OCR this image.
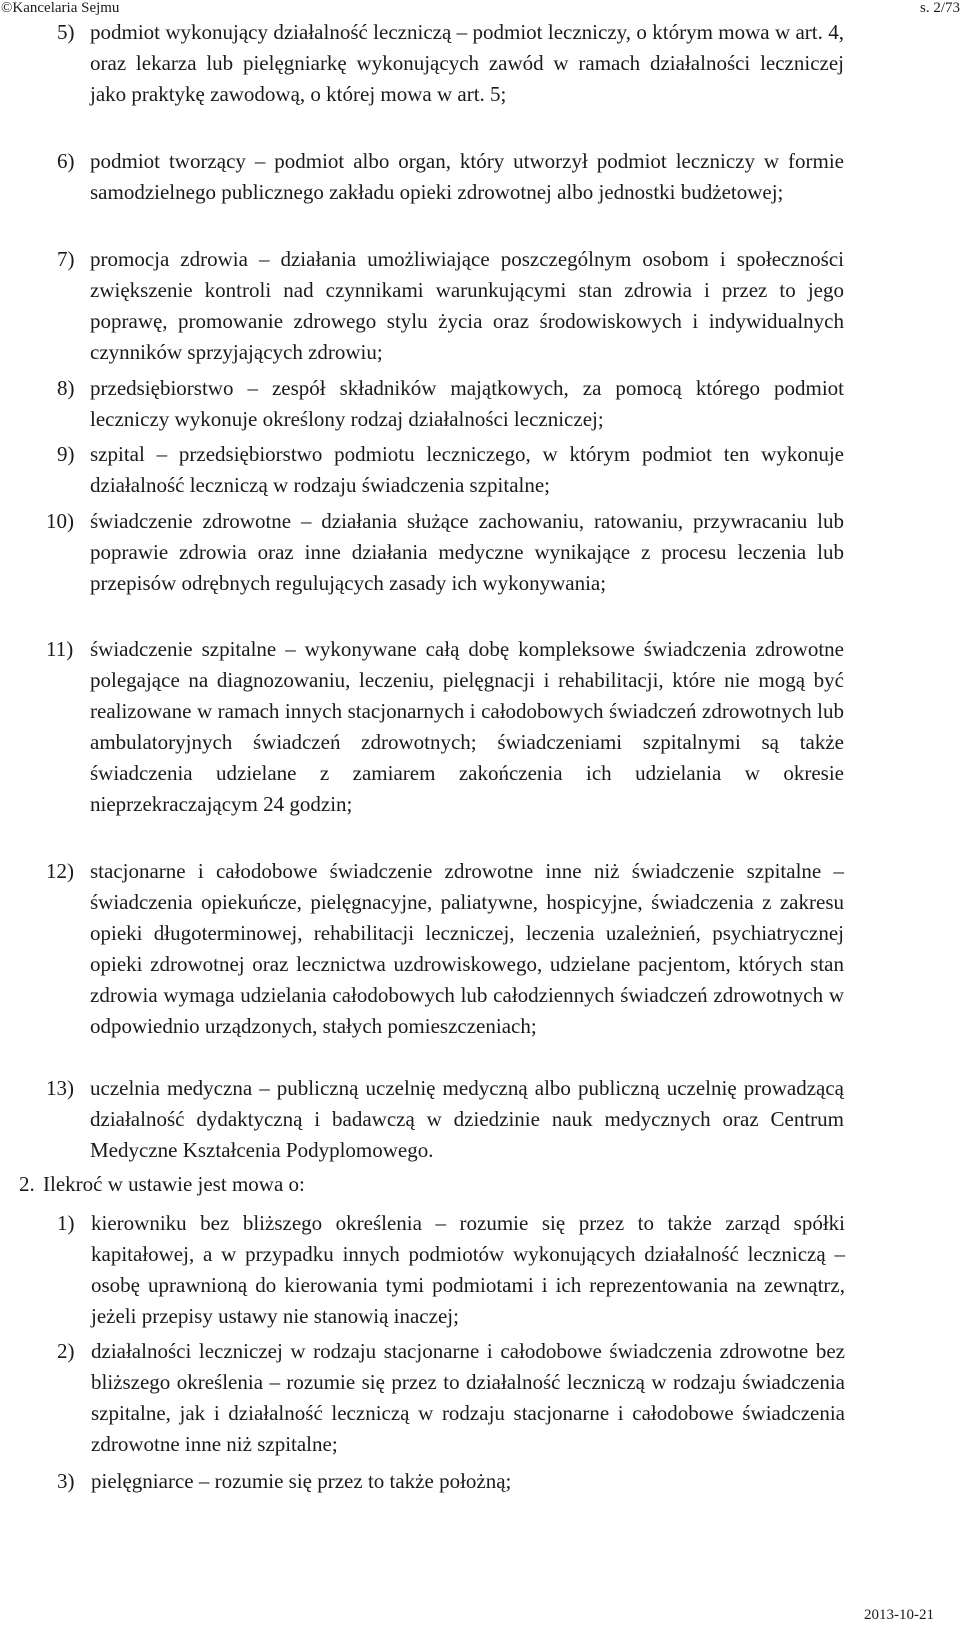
©Kancelaria Sejmu	s. 2/73
5) podmiot wykonujący działalność leczniczą – podmiot leczniczy, o którym mowa w art. 4, oraz lekarza lub pielęgniarkę wykonujących zawód w ramach działalności leczniczej jako praktykę zawodową, o której mowa w art. 5;
6) podmiot tworzący – podmiot albo organ, który utworzył podmiot leczniczy w formie samodzielnego publicznego zakładu opieki zdrowotnej albo jednostki budżetowej;
7) promocja zdrowia – działania umożliwiające poszczególnym osobom i społeczności zwiększenie kontroli nad czynnikami warunkującymi stan zdrowia i przez to jego poprawę, promowanie zdrowego stylu życia oraz środowiskowych i indywidualnych czynników sprzyjających zdrowiu;
8) przedsiębiorstwo – zespół składników majątkowych, za pomocą którego podmiot leczniczy wykonuje określony rodzaj działalności leczniczej;
9) szpital – przedsiębiorstwo podmiotu leczniczego, w którym podmiot ten wykonuje działalność leczniczą w rodzaju świadczenia szpitalne;
10) świadczenie zdrowotne – działania służące zachowaniu, ratowaniu, przywracaniu lub poprawie zdrowia oraz inne działania medyczne wynikające z procesu leczenia lub przepisów odrębnych regulujących zasady ich wykonywania;
11) świadczenie szpitalne – wykonywane całą dobę kompleksowe świadczenia zdrowotne polegające na diagnozowaniu, leczeniu, pielęgnacji i rehabilitacji, które nie mogą być realizowane w ramach innych stacjonarnych i całodobowych świadczeń zdrowotnych lub ambulatoryjnych świadczeń zdrowotnych; świadczeniami szpitalnymi są także świadczenia udzielane z zamiarem zakończenia ich udzielania w okresie nieprzekraczającym 24 godzin;
12) stacjonarne i całodobowe świadczenie zdrowotne inne niż świadczenie szpitalne – świadczenia opiekuńcze, pielęgnacyjne, paliatywne, hospicyjne, świadczenia z zakresu opieki długoterminowej, rehabilitacji leczniczej, leczenia uzależnień, psychiatrycznej opieki zdrowotnej oraz lecznictwa uzdrowiskowego, udzielane pacjentom, których stan zdrowia wymaga udzielania całodobowych lub całodziennych świadczeń zdrowotnych w odpowiednio urządzonych, stałych pomieszczeniach;
13) uczelnia medyczna – publiczną uczelnię medyczną albo publiczną uczelnię prowadzącą działalność dydaktyczną i badawczą w dziedzinie nauk medycznych oraz Centrum Medyczne Kształcenia Podyplomowego.
2. Ilekroć w ustawie jest mowa o:
1) kierowniku bez bliższego określenia – rozumie się przez to także zarząd spółki kapitałowej, a w przypadku innych podmiotów wykonujących działalność leczniczą – osobę uprawnioną do kierowania tymi podmiotami i ich reprezentowania na zewnątrz, jeżeli przepisy ustawy nie stanowią inaczej;
2) działalności leczniczej w rodzaju stacjonarne i całodobowe świadczenia zdrowotne bez bliższego określenia – rozumie się przez to działalność leczniczą w rodzaju świadczenia szpitalne, jak i działalność leczniczą w rodzaju stacjonarne i całodobowe świadczenia zdrowotne inne niż szpitalne;
3) pielęgniarce – rozumie się przez to także położną;
2013-10-21
